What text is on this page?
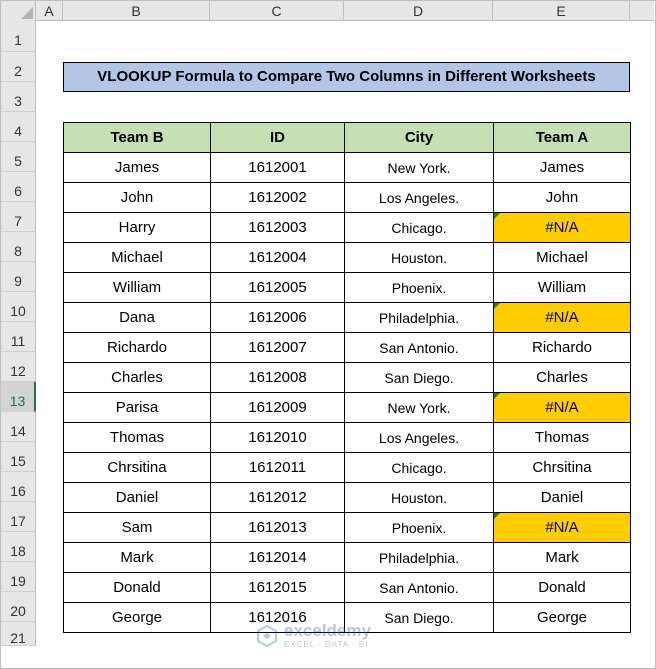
A	B	C	D	E
1
2
3
4
5
6
7
8
9
10
11
12
13
14
15
16
17
18
19
20
21
VLOOKUP Formula to Compare Two Columns in Different Worksheets
Team B	ID	City	Team A
James	1612001	New York.	James
John	1612002	Los Angeles.	John
Harry	1612003	Chicago.	#N/A
Michael	1612004	Houston.	Michael
William	1612005	Phoenix.	William
Dana	1612006	Philadelphia.	#N/A
Richardo	1612007	San Antonio.	Richardo
Charles	1612008	San Diego.	Charles
Parisa	1612009	New York.	#N/A
Thomas	1612010	Los Angeles.	Thomas
Chrsitina	1612011	Chicago.	Chrsitina
Daniel	1612012	Houston.	Daniel
Sam	1612013	Phoenix.	#N/A
Mark	1612014	Philadelphia.	Mark
Donald	1612015	San Antonio.	Donald
George	1612016	San Diego.	George
exceldemy
EXCEL · DATA · BI
